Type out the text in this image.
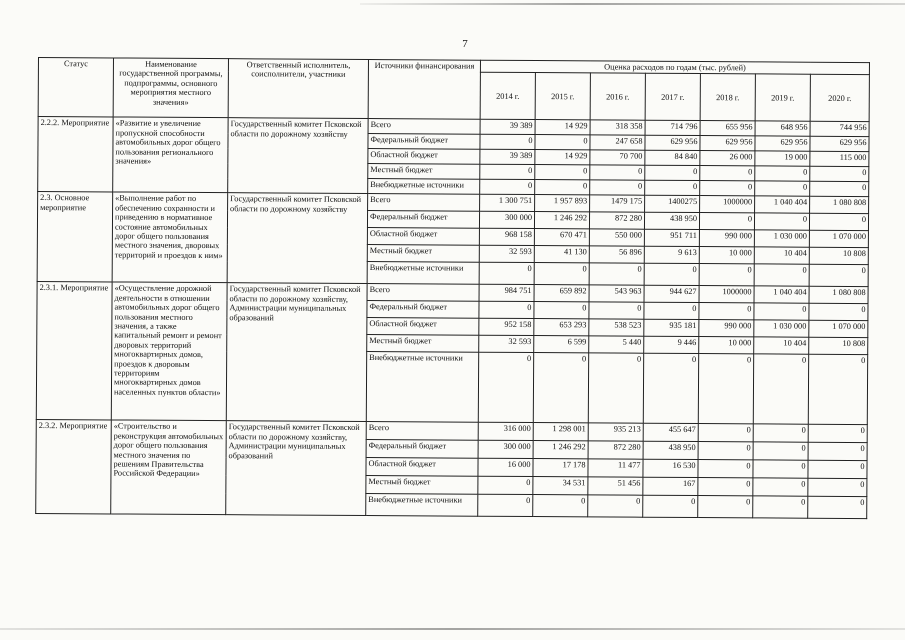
7
Статус	Наименование государственной программы, подпрограммы, основного мероприятия местного значения»	Ответственный исполнитель, соисполнители, участники	Источники финансирования	Оценка расходов по годам (тыс. рублей)						
				2014 г.	2015 г.	2016 г.	2017 г.	2018 г.	2019 г.	2020 г.
2.2.2. Мероприятие	«Развитие и увеличение пропускной способности автомобильных дорог общего пользования регионального значения»	Государственный комитет Псковской области по дорожному хозяйству	Всего	39 389	14 929	318 358	714 796	655 956	648 956	744 956
			Федеральный бюджет	0	0	247 658	629 956	629 956	629 956	629 956
			Областной бюджет	39 389	14 929	70 700	84 840	26 000	19 000	115 000
			Местный бюджет	0	0	0	0	0	0	0
			Внебюджетные источники	0	0	0	0	0	0	0
2.3. Основное мероприятие	«Выполнение работ по обеспечению сохранности и приведению в нормативное состояние автомобильных дорог общего пользования местного значения, дворовых территорий и проездов к ним»	Государственный комитет Псковской области по дорожному хозяйству	Всего	1 300 751	1 957 893	1479 175	1400275	1000000	1 040 404	1 080 808
			Федеральный бюджет	300 000	1 246 292	872 280	438 950	0	0	0
			Областной бюджет	968 158	670 471	550 000	951 711	990 000	1 030 000	1 070 000
			Местный бюджет	32 593	41 130	56 896	9 613	10 000	10 404	10 808
			Внебюджетные источники	0	0	0	0	0	0	0
2.3.1. Мероприятие	«Осуществление дорожной деятельности в отношении автомобильных дорог общего пользования местного значения, а также капитальный ремонт и ремонт дворовых территорий многоквартирных домов, проездов к дворовым территориям многоквартирных домов населенных пунктов области»	Государственный комитет Псковской области по дорожному хозяйству, Администрации муниципальных образований	Всего	984 751	659 892	543 963	944 627	1000000	1 040 404	1 080 808
			Федеральный бюджет	0	0	0	0	0	0	0
			Областной бюджет	952 158	653 293	538 523	935 181	990 000	1 030 000	1 070 000
			Местный бюджет	32 593	6 599	5 440	9 446	10 000	10 404	10 808
			Внебюджетные источники	0	0	0	0	0	0	0
2.3.2. Мероприятие	«Строительство и реконструкция автомобильных дорог общего пользования местного значения по решениям Правительства Российской Федерации»	Государственный комитет Псковской области по дорожному хозяйству, Администрации муниципальных образований	Всего	316 000	1 298 001	935 213	455 647	0	0	0
			Федеральный бюджет	300 000	1 246 292	872 280	438 950	0	0	0
			Областной бюджет	16 000	17 178	11 477	16 530	0	0	0
			Местный бюджет	0	34 531	51 456	167	0	0	0
			Внебюджетные источники	0	0	0	0	0	0	0
